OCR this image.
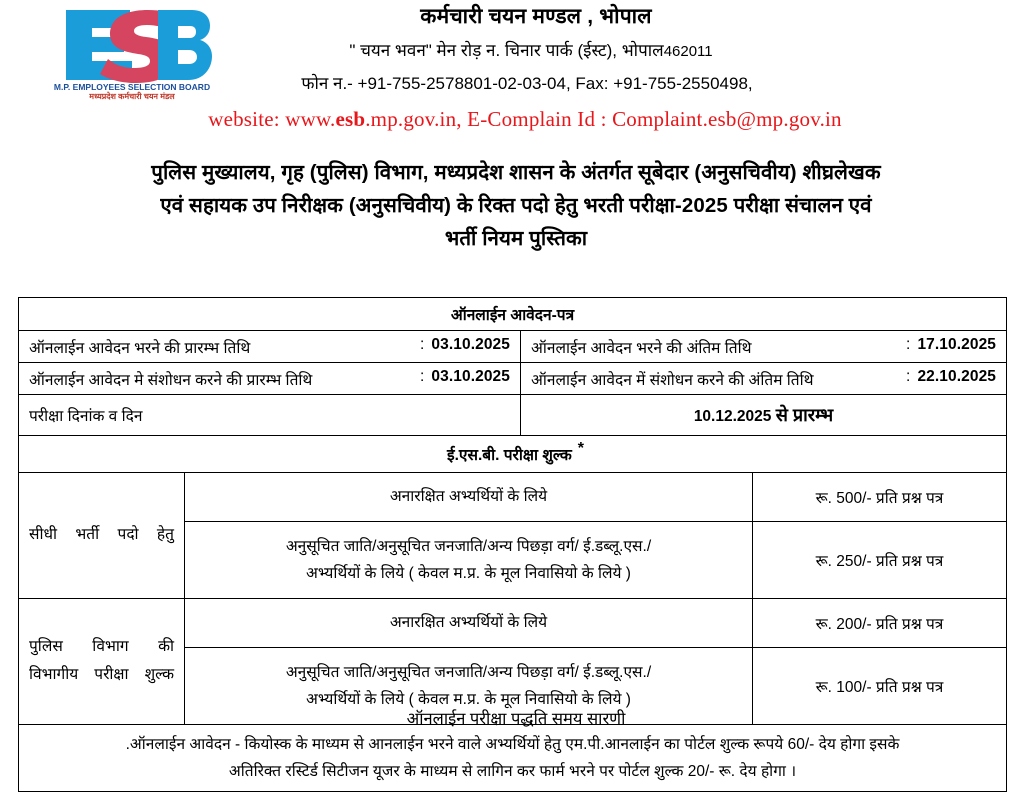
M.P. EMPLOYEES SELECTION BOARD
मध्यप्रदेश कर्मचारी चयन मंडल
कर्मचारी चयन मण्डल , भोपाल
" चयन भवन" मेन रोड़ न. चिनार पार्क (ईस्ट), भोपाल462011
फोन न.- +91-755-2578801-02-03-04, Fax: +91-755-2550498,
website: www.esb.mp.gov.in, E-Complain Id : Complaint.esb@mp.gov.in
पुलिस मुख्यालय, गृह (पुलिस) विभाग, मध्यप्रदेश शासन के अंतर्गत सूबेदार (अनुसचिवीय) शीघ्रलेखक
एवं सहायक उप निरीक्षक (अनुसचिवीय) के रिक्त पदो हेतु भरती परीक्षा-2025 परीक्षा संचालन एवं
भर्ती नियम पुस्तिका
ऑनलाईन आवेदन-पत्र	
ऑनलाईन आवेदन भरने की प्रारम्भ तिथि : 03.10.2025	ऑनलाईन आवेदन भरने की अंतिम तिथि : 17.10.2025

ऑनलाईन आवेदन मे संशोधन करने की प्रारम्भ तिथि : 03.10.2025	ऑनलाईन आवेदन में संशोधन करने की अंतिम तिथि : 22.10.2025

परीक्षा दिनांक व दिन	10.12.2025 से प्रारम्भ
ई.एस.बी. परीक्षा शुल्क *		
सीधी भर्ती पदो हेतु	अनारक्षित अभ्यर्थियों के लिये	रू. 500/- प्रति प्रश्न पत्र

	अनुसूचित जाति/अनुसूचित जनजाति/अन्य पिछड़ा वर्ग/ ई.डब्लू.एस./
अभ्यर्थियों के लिये ( केवल म.प्र. के मूल निवासियो के लिये )	रू. 250/- प्रति प्रश्न पत्र
पुलिस विभाग की विभागीय परीक्षा शुल्क	अनारक्षित अभ्यर्थियों के लिये	रू. 200/- प्रति प्रश्न पत्र

	अनुसूचित जाति/अनुसूचित जनजाति/अन्य पिछड़ा वर्ग/ ई.डब्लू.एस./
अभ्यर्थियों के लिये ( केवल म.प्र. के मूल निवासियो के लिये )	रू. 100/- प्रति प्रश्न पत्र

.ऑनलाईन आवेदन - कियोस्क के माध्यम से आनलाईन भरने वाले अभ्यर्थियों हेतु एम.पी.आनलाईन का पोर्टल शुल्क रूपये 60/- देय होगा इसके
अतिरिक्त रस्टिर्ड सिटीजन यूजर के माध्यम से लागिन कर फार्म भरने पर पोर्टल शुल्क 20/- रू. देय होगा ।		
ऑनलाईन परीक्षा पद्धति समय सारणी
